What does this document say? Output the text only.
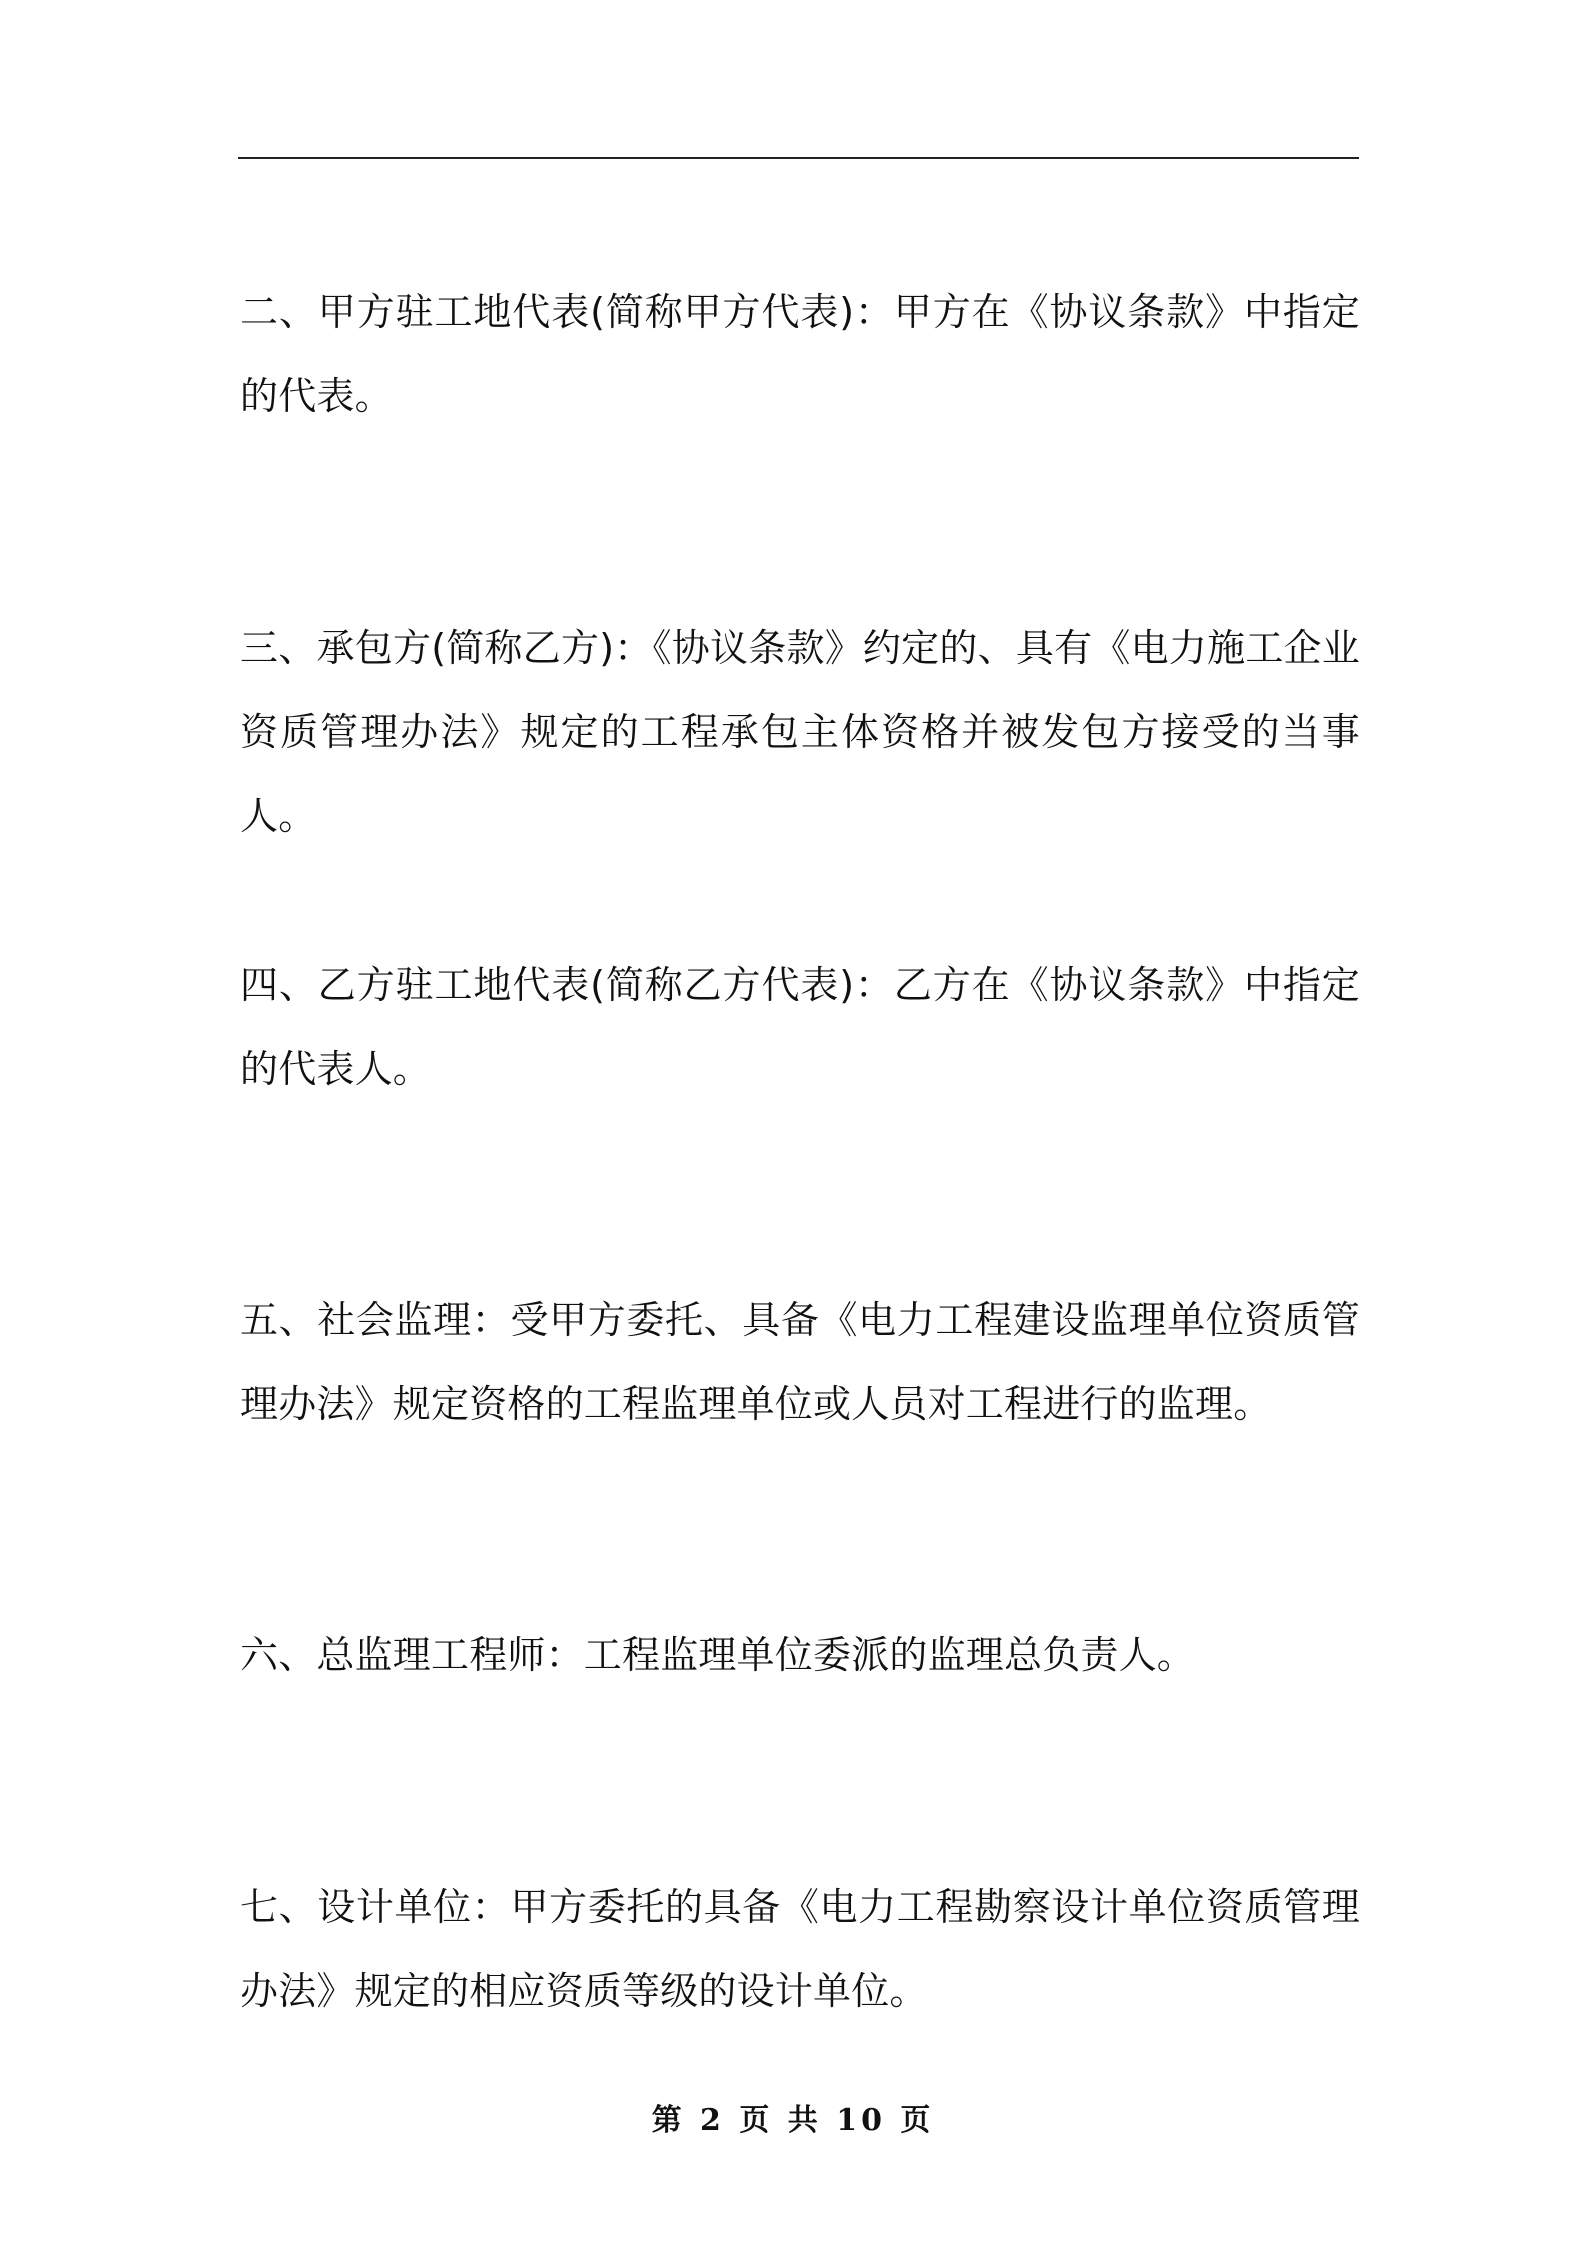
二、甲方驻工地代表(简称甲方代表)：甲方在《协议条款》中指定的代表。

三、承包方(简称乙方)：《协议条款》约定的、具有《电力施工企业资质管理办法》规定的工程承包主体资格并被发包方接受的当事人。

四、乙方驻工地代表(简称乙方代表)：乙方在《协议条款》中指定的代表人。

五、社会监理：受甲方委托、具备《电力工程建设监理单位资质管理办法》规定资格的工程监理单位或人员对工程进行的监理。

六、总监理工程师：工程监理单位委派的监理总负责人。

七、设计单位：甲方委托的具备《电力工程勘察设计单位资质管理办法》规定的相应资质等级的设计单位。

第 2 页 共 10 页
